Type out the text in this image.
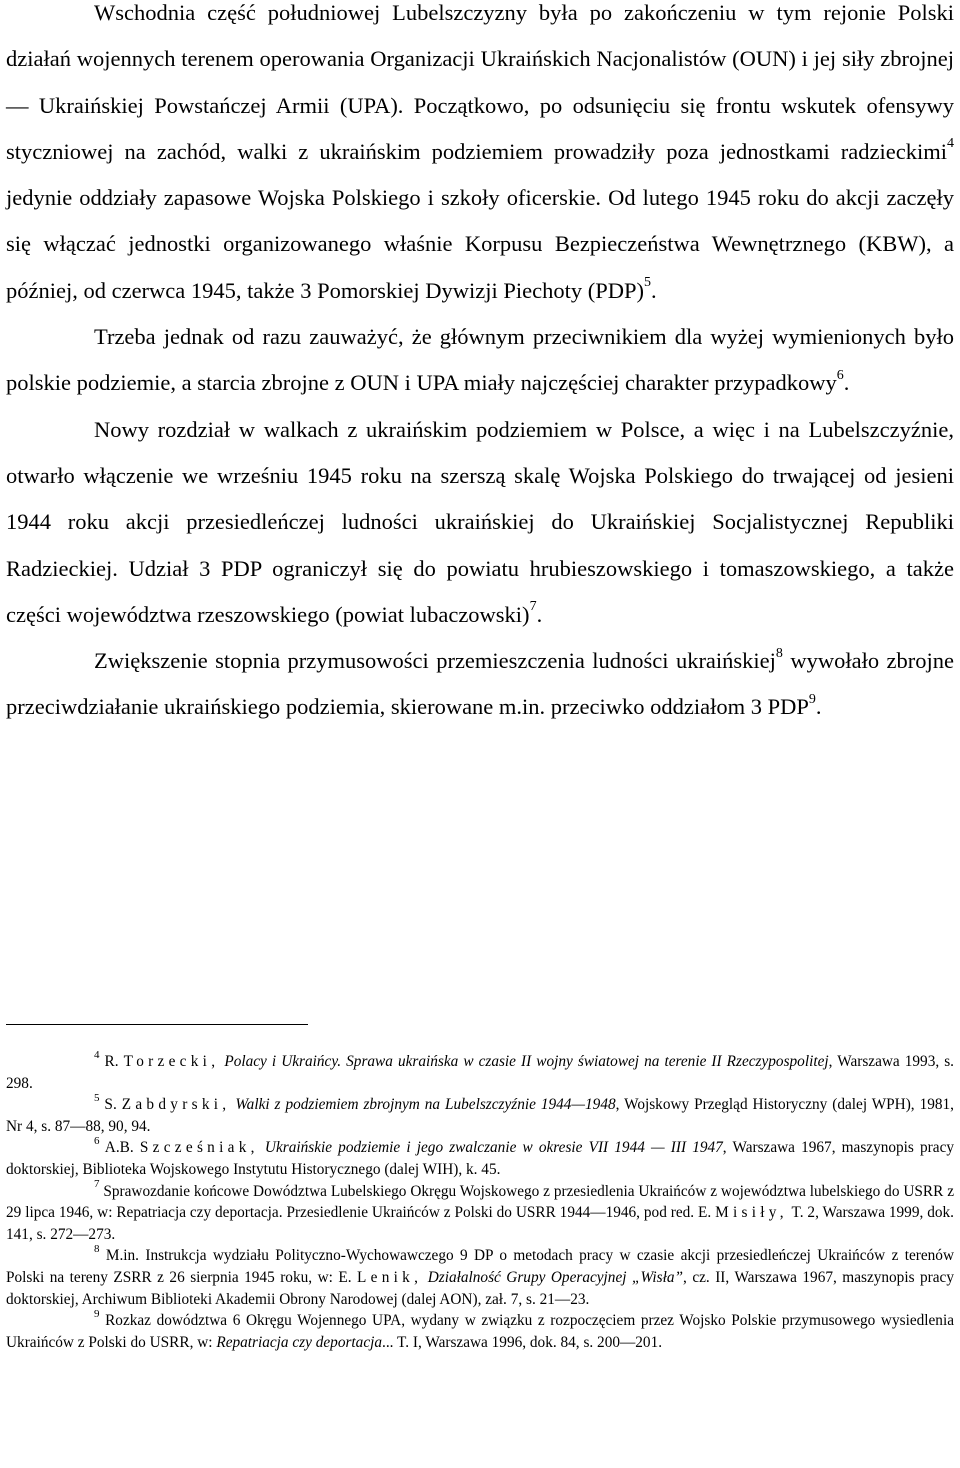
Wschodnia część południowej Lubelszczyzny była po zakończeniu w tym rejonie Polski działań wojennych terenem operowania Organizacji Ukraińskich Nacjonalistów (OUN) i jej siły zbrojnej — Ukraińskiej Powstańczej Armii (UPA). Początkowo, po odsunięciu się frontu wskutek ofensywy styczniowej na zachód, walki z ukraińskim podziemiem prowadziły poza jednostkami radzieckimi$^4$ jedynie oddziały zapasowe Wojska Polskiego i szkoły oficerskie. Od lutego 1945 roku do akcji zaczęły się włączać jednostki organizowanego właśnie Korpusu Bezpieczeństwa Wewnętrznego (KBW), a później, od czerwca 1945, także 3 Pomorskiej Dywizji Piechoty (PDP)$^5$.

Trzeba jednak od razu zauważyć, że głównym przeciwnikiem dla wyżej wymienionych było polskie podziemie, a starcia zbrojne z OUN i UPA miały najczęściej charakter przypadkowy$^6$.

Nowy rozdział w walkach z ukraińskim podziemiem w Polsce, a więc i na Lubelszczyźnie, otwarło włączenie we wrześniu 1945 roku na szerszą skalę Wojska Polskiego do trwającej od jesieni 1944 roku akcji przesiedleńczej ludności ukraińskiej do Ukraińskiej Socjalistycznej Republiki Radzieckiej. Udział 3 PDP ograniczył się do powiatu hrubieszowskiego i tomaszowskiego, a także części województwa rzeszowskiego (powiat lubaczowski)$^7$.

Zwiększenie stopnia przymusowości przemieszczenia ludności ukraińskiej$^8$ wywołało zbrojne przeciwdziałanie ukraińskiego podziemia, skierowane m.in. przeciwko oddziałom 3 PDP$^9$.

$^4$ R. Torzecki, Polacy i Ukraińcy. Sprawa ukraińska w czasie II wojny światowej na terenie II Rzeczypospolitej, Warszawa 1993, s. 298.

$^5$ S. Zabdyrski, Walki z podziemiem zbrojnym na Lubelszczyźnie 1944—1948, Wojskowy Przegląd Historyczny (dalej WPH), 1981, Nr 4, s. 87—88, 90, 94.

$^6$ A.B. Szcześniak, Ukraińskie podziemie i jego zwalczanie w okresie VII 1944 — III 1947, Warszawa 1967, maszynopis pracy doktorskiej, Biblioteka Wojskowego Instytutu Historycznego (dalej WIH), k. 45.

$^7$ Sprawozdanie końcowe Dowództwa Lubelskiego Okręgu Wojskowego z przesiedlenia Ukraińców z województwa lubelskiego do USRR z 29 lipca 1946, w: Repatriacja czy deportacja. Przesiedlenie Ukraińców z Polski do USRR 1944—1946, pod red. E. Misiły, T. 2, Warszawa 1999, dok. 141, s. 272—273.

$^8$ M.in. Instrukcja wydziału Polityczno-Wychowawczego 9 DP o metodach pracy w czasie akcji przesiedleńczej Ukraińców z terenów Polski na tereny ZSRR z 26 sierpnia 1945 roku, w: E. Lenik, Działalność Grupy Operacyjnej „Wisła”, cz. II, Warszawa 1967, maszynopis pracy doktorskiej, Archiwum Biblioteki Akademii Obrony Narodowej (dalej AON), zał. 7, s. 21—23.

$^9$ Rozkaz dowództwa 6 Okręgu Wojennego UPA, wydany w związku z rozpoczęciem przez Wojsko Polskie przymusowego wysiedlenia Ukraińców z Polski do USRR, w: Repatriacja czy deportacja... T. I, Warszawa 1996, dok. 84, s. 200—201.
